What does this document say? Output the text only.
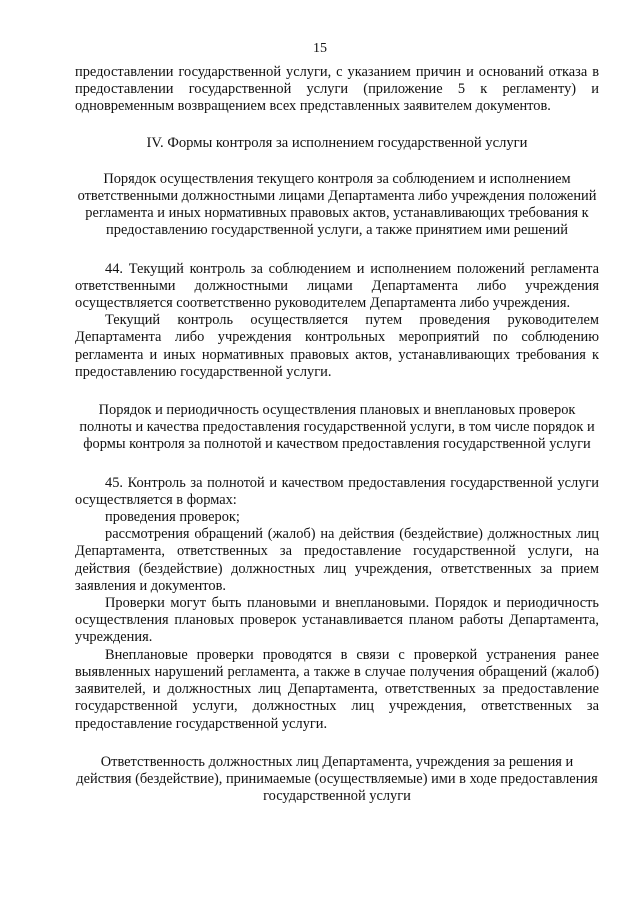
15

предоставлении государственной услуги, с указанием причин и оснований отказа в предоставлении государственной услуги (приложение 5 к регламенту) и одновременным возвращением всех представленных заявителем документов.

IV. Формы контроля за исполнением государственной услуги

Порядок осуществления текущего контроля за соблюдением и исполнением ответственными должностными лицами Департамента либо учреждения положений регламента и иных нормативных правовых актов, устанавливающих требования к предоставлению государственной услуги, а также принятием ими решений

44. Текущий контроль за соблюдением и исполнением положений регламента ответственными должностными лицами Департамента либо учреждения осуществляется соответственно руководителем Департамента либо учреждения.

Текущий контроль осуществляется путем проведения руководителем Департамента либо учреждения контрольных мероприятий по соблюдению регламента и иных нормативных правовых актов, устанавливающих требования к предоставлению государственной услуги.

Порядок и периодичность осуществления плановых и внеплановых проверок полноты и качества предоставления государственной услуги, в том числе порядок и формы контроля за полнотой и качеством предоставления государственной услуги

45. Контроль за полнотой и качеством предоставления государственной услуги осуществляется в формах:

проведения проверок;

рассмотрения обращений (жалоб) на действия (бездействие) должностных лиц Департамента, ответственных за предоставление государственной услуги, на действия (бездействие) должностных лиц учреждения, ответственных за прием заявления и документов.

Проверки могут быть плановыми и внеплановыми. Порядок и периодичность осуществления плановых проверок устанавливается планом работы Департамента, учреждения.

Внеплановые проверки проводятся в связи с проверкой устранения ранее выявленных нарушений регламента, а также в случае получения обращений (жалоб) заявителей, и должностных лиц Департамента, ответственных за предоставление государственной услуги, должностных лиц учреждения, ответственных за предоставление государственной услуги.

Ответственность должностных лиц Департамента, учреждения за решения и действия (бездействие), принимаемые (осуществляемые) ими в ходе предоставления государственной услуги
